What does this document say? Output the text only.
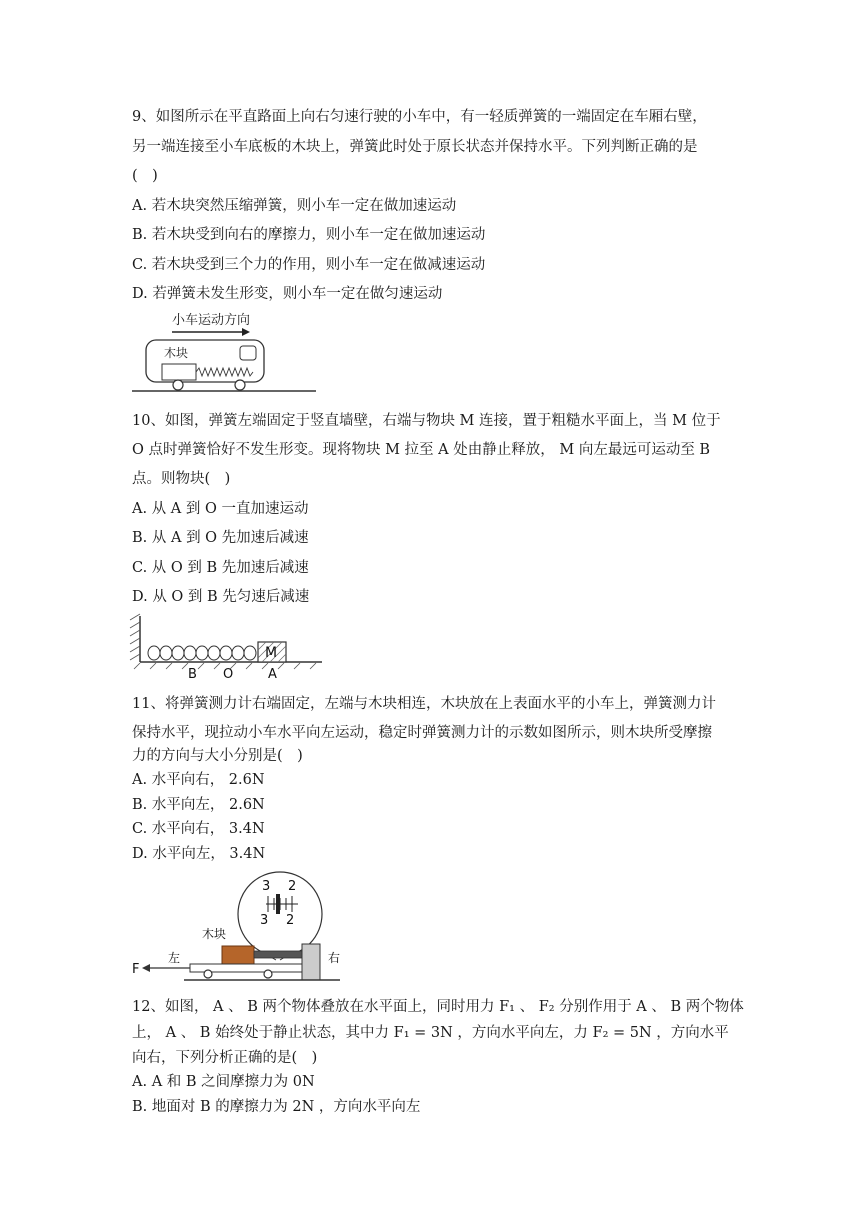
9、如图所示在平直路面上向右匀速行驶的小车中，有一轻质弹簧的一端固定在车厢右壁，
另一端连接至小车底板的木块上，弹簧此时处于原长状态并保持水平。下列判断正确的是
(　)
A. 若木块突然压缩弹簧，则小车一定在做加速运动
B. 若木块受到向右的摩擦力，则小车一定在做加速运动
C. 若木块受到三个力的作用，则小车一定在做减速运动
D. 若弹簧未发生形变，则小车一定在做匀速运动
小车运动方向
木块
10、如图，弹簧左端固定于竖直墙壁，右端与物块 M 连接，置于粗糙水平面上，当 M 位于
O 点时弹簧恰好不发生形变。现将物块 M 拉至 A 处由静止释放， M 向左最远可运动至 B
点。则物块(　)
A. 从 A 到 O 一直加速运动
B. 从 A 到 O 先加速后减速
C. 从 O 到 B 先加速后减速
D. 从 O 到 B 先匀速后减速
M
B O	A
11、将弹簧测力计右端固定，左端与木块相连，木块放在上表面水平的小车上，弹簧测力计
保持水平，现拉动小车水平向左运动，稳定时弹簧测力计的示数如图所示，则木块所受摩擦
力的方向与大小分别是(　)
A. 水平向右， 2.6N
B. 水平向左， 2.6N
C. 水平向右， 3.4N
D. 水平向左， 3.4N
3 2
3 2
木块
右
左
F
12、如图， A 、 B 两个物体叠放在水平面上，同时用力 F₁ 、 F₂ 分别作用于 A 、 B 两个物体
上， A 、 B 始终处于静止状态，其中力 F₁ = 3N ，方向水平向左，力 F₂ = 5N ，方向水平
向右，下列分析正确的是(　)
A. A 和 B 之间摩擦力为 0N
B. 地面对 B 的摩擦力为 2N ，方向水平向左
